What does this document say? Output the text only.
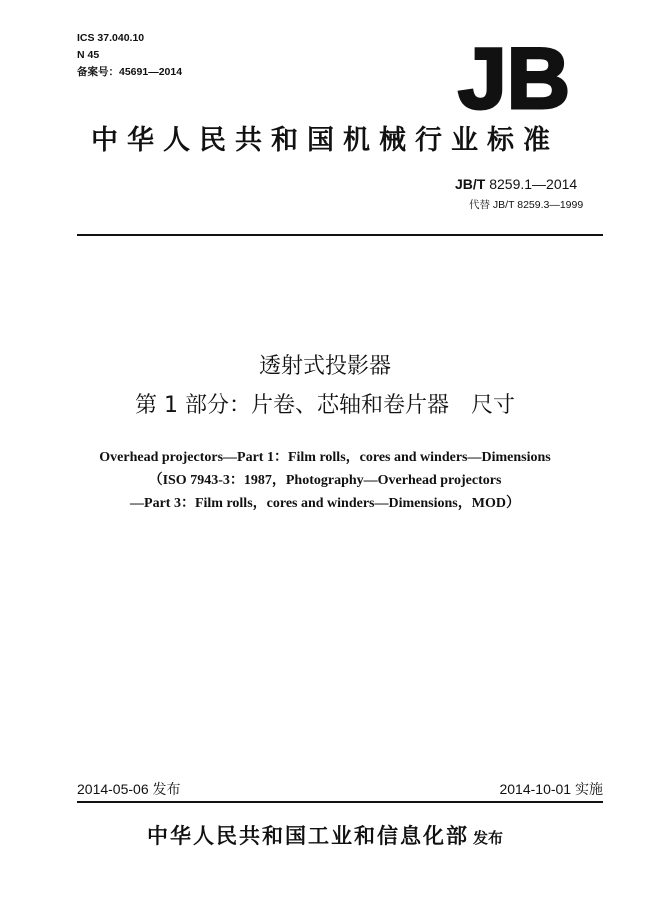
ICS 37.040.10
N 45
备案号：45691—2014	JB
中华人民共和国机械行业标准
JB/T 8259.1—2014
代替 JB/T 8259.3—1999
透射式投影器
第 1 部分：片卷、芯轴和卷片器　尺寸
Overhead projectors—Part 1：Film rolls，cores and winders—Dimensions
（ISO 7943-3：1987，Photography—Overhead projectors
—Part 3：Film rolls，cores and winders—Dimensions，MOD）
2014-05-06 发布	2014-10-01 实施
中华人民共和国工业和信息化部 发布
